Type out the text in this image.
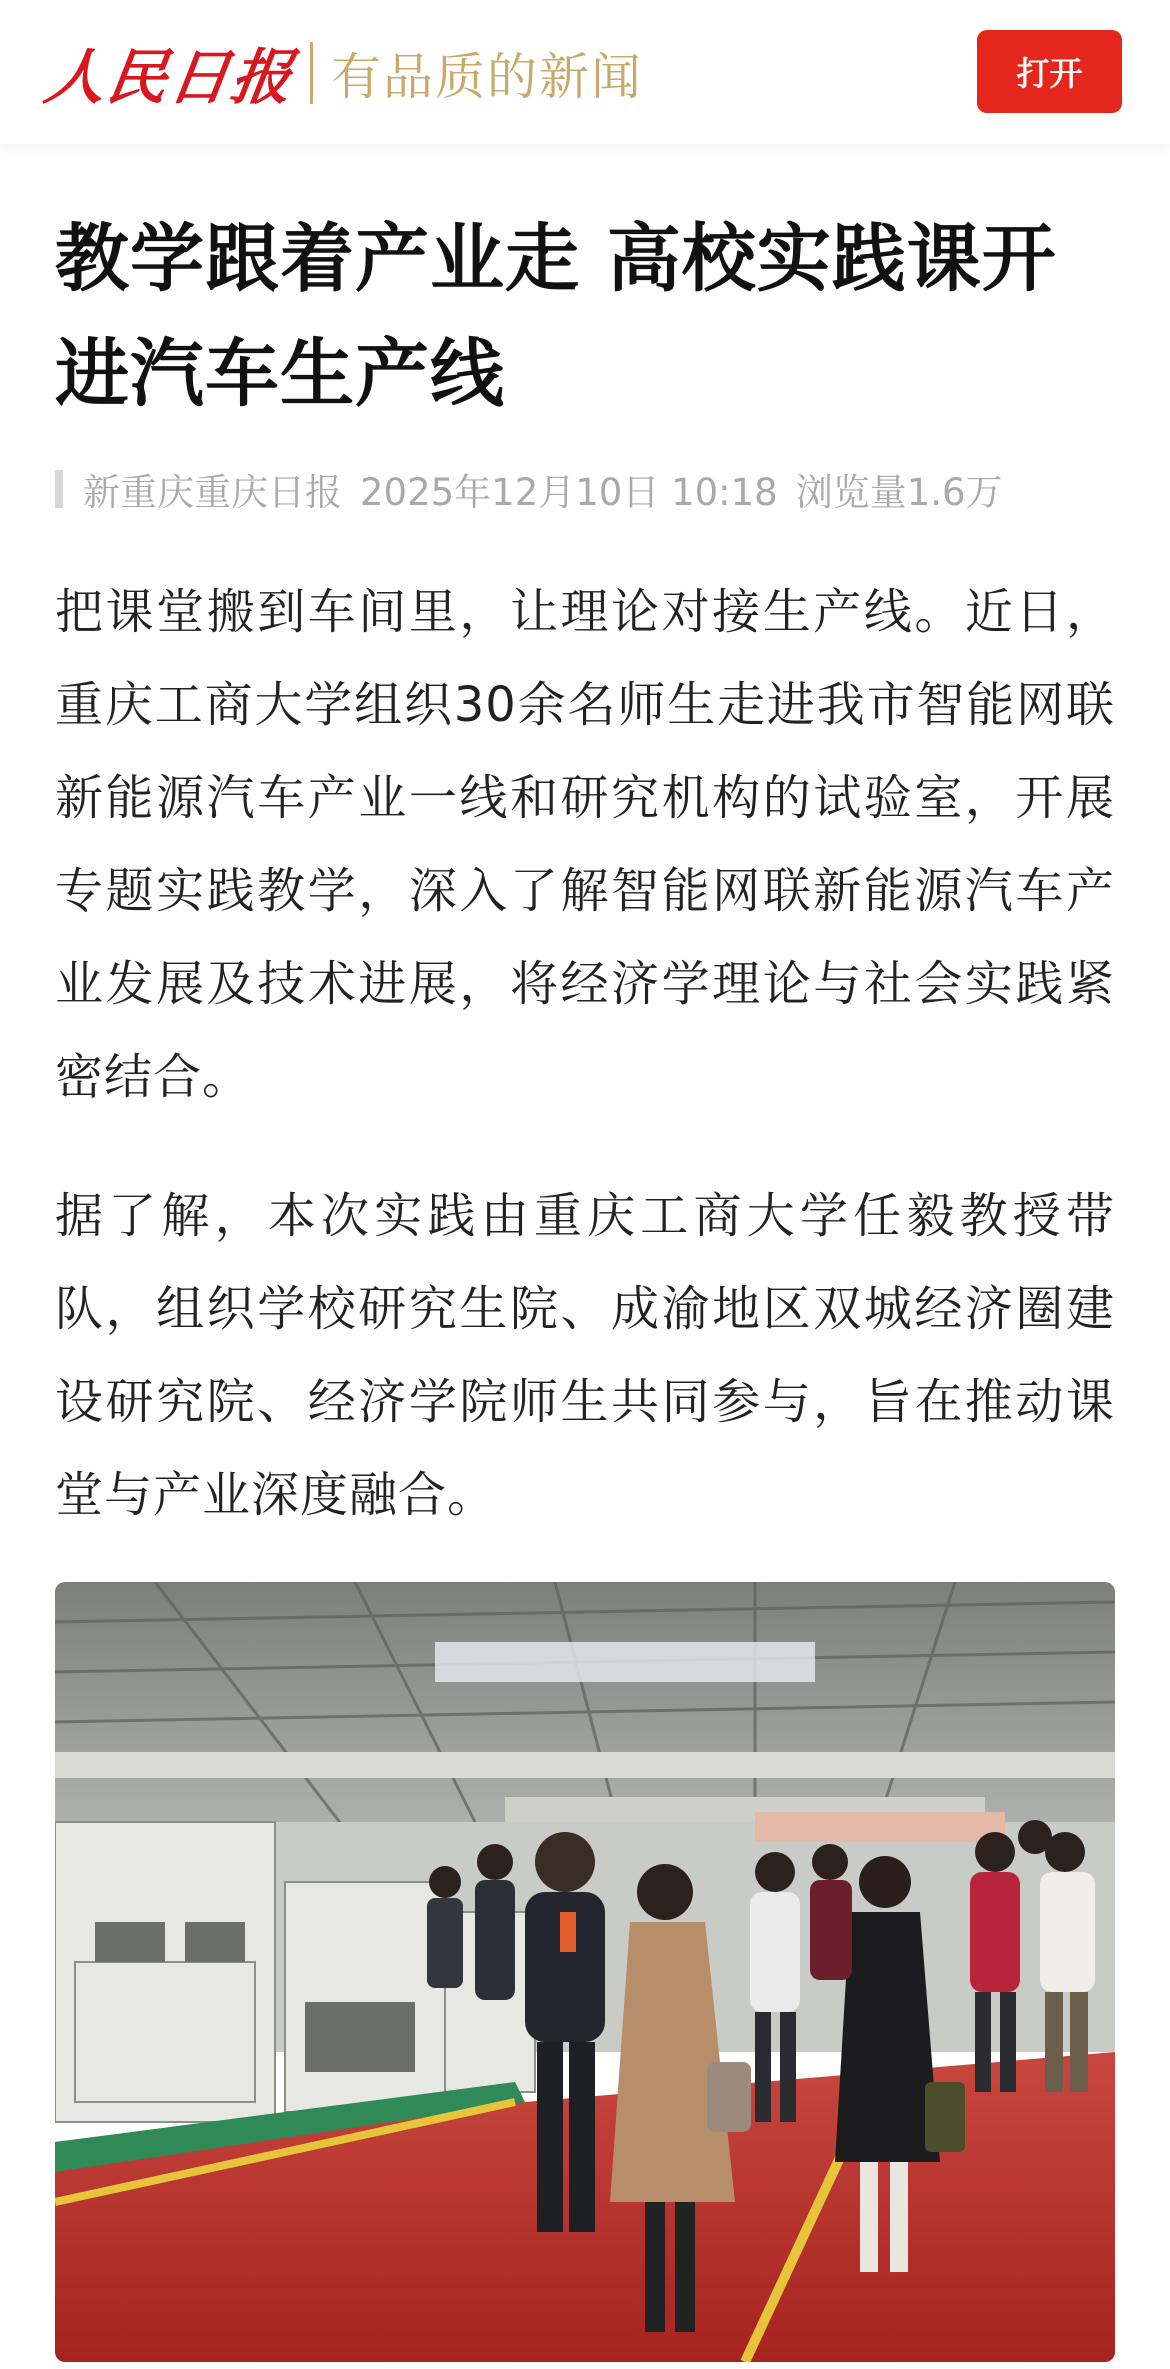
人民日报 有品质的新闻	打开
教学跟着产业走 高校实践课开进汽车生产线
新重庆重庆日报 2025年12月10日 10:18 浏览量1.6万

把课堂搬到车间里，让理论对接生产线。近日，重庆工商大学组织30余名师生走进我市智能网联新能源汽车产业一线和研究机构的试验室，开展专题实践教学，深入了解智能网联新能源汽车产业发展及技术进展，将经济学理论与社会实践紧密结合。

据了解，本次实践由重庆工商大学任毅教授带队，组织学校研究生院、成渝地区双城经济圈建设研究院、经济学院师生共同参与，旨在推动课堂与产业深度融合。
